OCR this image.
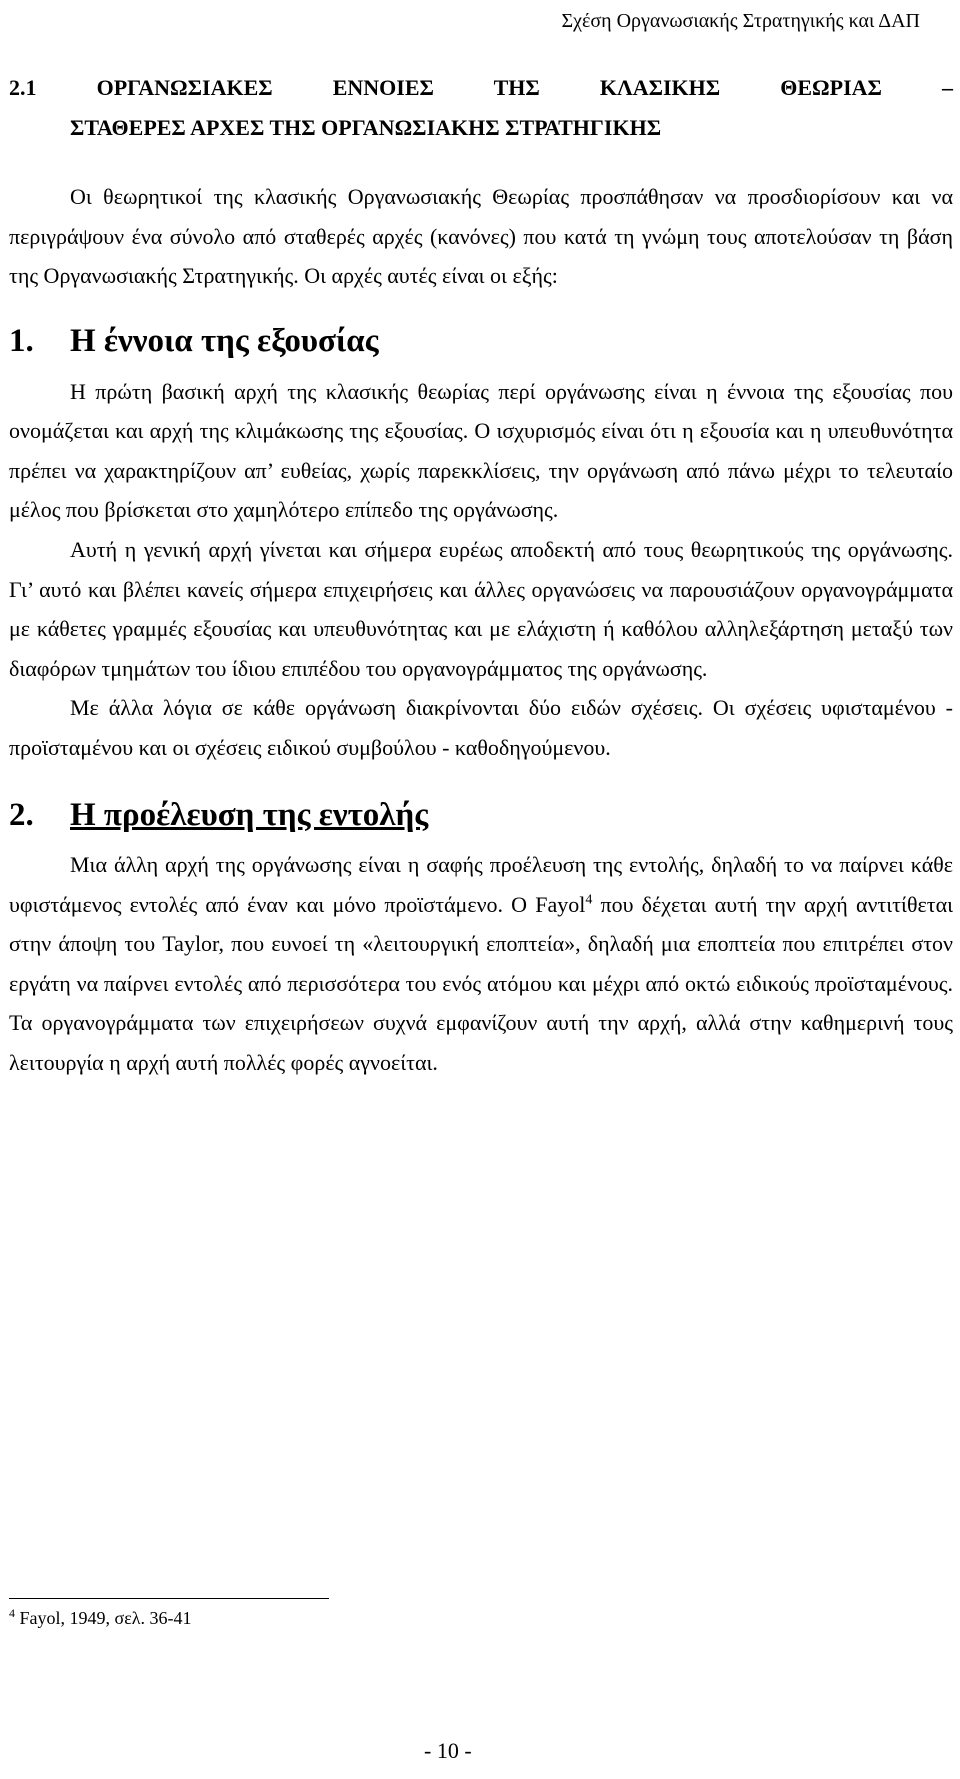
Σχέση Οργανωσιακής Στρατηγικής και ΔΑΠ
2.1 ΟΡΓΑΝΩΣΙΑΚΕΣ ΕΝΝΟΙΕΣ ΤΗΣ ΚΛΑΣΙΚΗΣ ΘΕΩΡΙΑΣ –
ΣΤΑΘΕΡΕΣ ΑΡΧΕΣ ΤΗΣ ΟΡΓΑΝΩΣΙΑΚΗΣ ΣΤΡΑΤΗΓΙΚΗΣ

Οι θεωρητικοί της κλασικής Οργανωσιακής Θεωρίας προσπάθησαν να προσδιορίσουν και να περιγράψουν ένα σύνολο από σταθερές αρχές (κανόνες) που κατά τη γνώμη τους αποτελούσαν τη βάση της Οργανωσιακής Στρατηγικής. Οι αρχές αυτές είναι οι εξής:

1.	Η έννοια της εξουσίας

Η πρώτη βασική αρχή της κλασικής θεωρίας περί οργάνωσης είναι η έννοια της εξουσίας που ονομάζεται και αρχή της κλιμάκωσης της εξουσίας. Ο ισχυρισμός είναι ότι η εξουσία και η υπευθυνότητα πρέπει να χαρακτηρίζουν απ’ ευθείας, χωρίς παρεκκλίσεις, την οργάνωση από πάνω μέχρι το τελευταίο μέλος που βρίσκεται στο χαμηλότερο επίπεδο της οργάνωσης.

Αυτή η γενική αρχή γίνεται και σήμερα ευρέως αποδεκτή από τους θεωρητικούς της οργάνωσης. Γι’ αυτό και βλέπει κανείς σήμερα επιχειρήσεις και άλλες οργανώσεις να παρουσιάζουν οργανογράμματα με κάθετες γραμμές εξουσίας και υπευθυνότητας και με ελάχιστη ή καθόλου αλληλεξάρτηση μεταξύ των διαφόρων τμημάτων του ίδιου επιπέδου του οργανογράμματος της οργάνωσης.

Με άλλα λόγια σε κάθε οργάνωση διακρίνονται δύο ειδών σχέσεις. Οι σχέσεις υφισταμένου - προϊσταμένου και οι σχέσεις ειδικού συμβούλου - καθοδηγούμενου.

2.	Η προέλευση της εντολής

Μια άλλη αρχή της οργάνωσης είναι η σαφής προέλευση της εντολής, δηλαδή το να παίρνει κάθε υφιστάμενος εντολές από έναν και μόνο προϊστάμενο. Ο Fayol$^4$ που δέχεται αυτή την αρχή αντιτίθεται στην άποψη του Taylor, που ευνοεί τη «λειτουργική εποπτεία», δηλαδή μια εποπτεία που επιτρέπει στον εργάτη να παίρνει εντολές από περισσότερα του ενός ατόμου και μέχρι από οκτώ ειδικούς προϊσταμένους. Τα οργανογράμματα των επιχειρήσεων συχνά εμφανίζουν αυτή την αρχή, αλλά στην καθημερινή τους λειτουργία η αρχή αυτή πολλές φορές αγνοείται.

$^4$ Fayol, 1949, σελ. 36-41
- 10 -
